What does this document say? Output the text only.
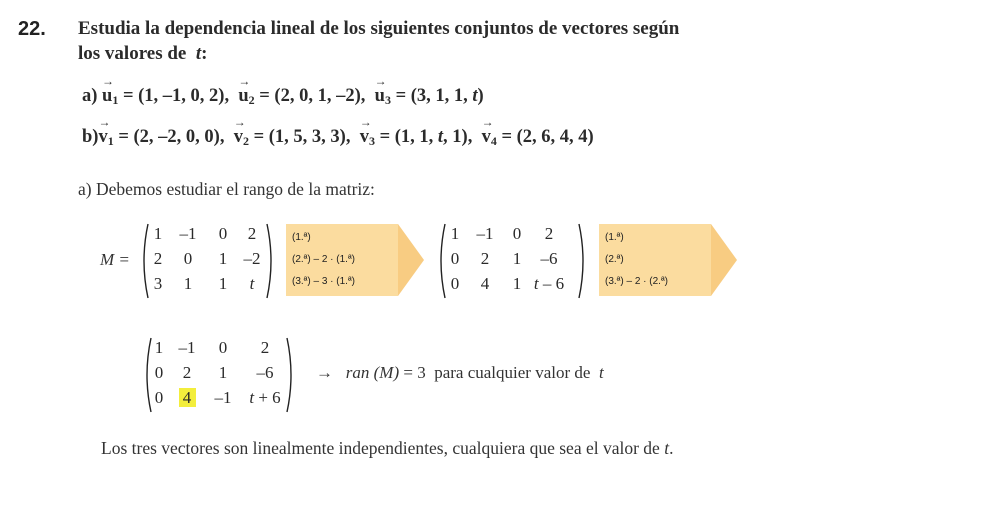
22. Estudia la dependencia lineal de los siguientes conjuntos de vectores según
los valores de t:
$a) \to u_1 = (1$, –1, 0, 2), → $u_2 = (2$, 0, 1, –2), → $u_3 = (3$, 1, 1, t)
$b)\to v_1 = (2$, –2, 0, 0), → $v_2 = (1$, 5, 3, 3), → $v_3 = (1$, 1, t, 1), → $v_4 = (2$, 6, 4, 4)
a) Debemos estudiar el rango de la matriz:
M =
1	–1	0	2
2	0	1 –2
3	1	1	t
(1.ª)
(2.ª) – 2 · (1.ª)
(3.ª) – 3 · (1.ª)
1	–1	0	2
0	2	1	–6
0	4	1 t – 6
(1.ª)
(2.ª)
(3.ª) – 2 · (2.ª)
1 –1	0	2
0	2	1	–6
0 4	–1	t + 6
→ ran (M) = 3 para cualquier valor de t
Los tres vectores son linealmente independientes, cualquiera que sea el valor de t.
